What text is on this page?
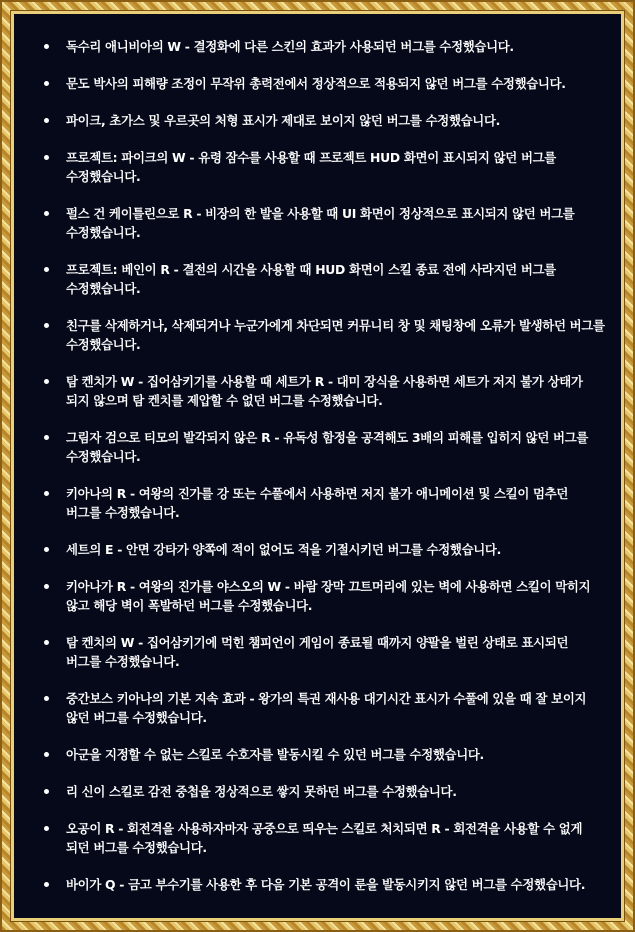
독수리 애니비아의 W - 결정화에 다른 스킨의 효과가 사용되던 버그를 수정했습니다.
문도 박사의 피해량 조정이 무작위 총력전에서 정상적으로 적용되지 않던 버그를 수정했습니다.
파이크, 초가스 및 우르곳의 처형 표시가 제대로 보이지 않던 버그를 수정했습니다.
프로젝트: 파이크의 W - 유령 잠수를 사용할 때 프로젝트 HUD 화면이 표시되지 않던 버그를 수정했습니다.
펄스 건 케이틀린으로 R - 비장의 한 발을 사용할 때 UI 화면이 정상적으로 표시되지 않던 버그를 수정했습니다.
프로젝트: 베인이 R - 결전의 시간을 사용할 때 HUD 화면이 스킬 종료 전에 사라지던 버그를 수정했습니다.
친구를 삭제하거나, 삭제되거나 누군가에게 차단되면 커뮤니티 창 및 채팅창에 오류가 발생하던 버그를 수정했습니다.
탐 켄치가 W - 집어삼키기를 사용할 때 세트가 R - 대미 장식을 사용하면 세트가 저지 불가 상태가 되지 않으며 탐 켄치를 제압할 수 없던 버그를 수정했습니다.
그림자 검으로 티모의 발각되지 않은 R - 유독성 함정을 공격해도 3배의 피해를 입히지 않던 버그를 수정했습니다.
키아나의 R - 여왕의 진가를 강 또는 수풀에서 사용하면 저지 불가 애니메이션 및 스킬이 멈추던 버그를 수정했습니다.
세트의 E - 안면 강타가 양쪽에 적이 없어도 적을 기절시키던 버그를 수정했습니다.
키아나가 R - 여왕의 진가를 야스오의 W - 바람 장막 끄트머리에 있는 벽에 사용하면 스킬이 막히지 않고 해당 벽이 폭발하던 버그를 수정했습니다.
탐 켄치의 W - 집어삼키기에 먹힌 챔피언이 게임이 종료될 때까지 양팔을 벌린 상태로 표시되던 버그를 수정했습니다.
중간보스 키아나의 기본 지속 효과 - 왕가의 특권 재사용 대기시간 표시가 수풀에 있을 때 잘 보이지 않던 버그를 수정했습니다.
아군을 지정할 수 없는 스킬로 수호자를 발동시킬 수 있던 버그를 수정했습니다.
리 신이 스킬로 감전 중첩을 정상적으로 쌓지 못하던 버그를 수정했습니다.
오공이 R - 회전격을 사용하자마자 공중으로 띄우는 스킬로 처치되면 R - 회전격을 사용할 수 없게 되던 버그를 수정했습니다.
바이가 Q - 금고 부수기를 사용한 후 다음 기본 공격이 룬을 발동시키지 않던 버그를 수정했습니다.
